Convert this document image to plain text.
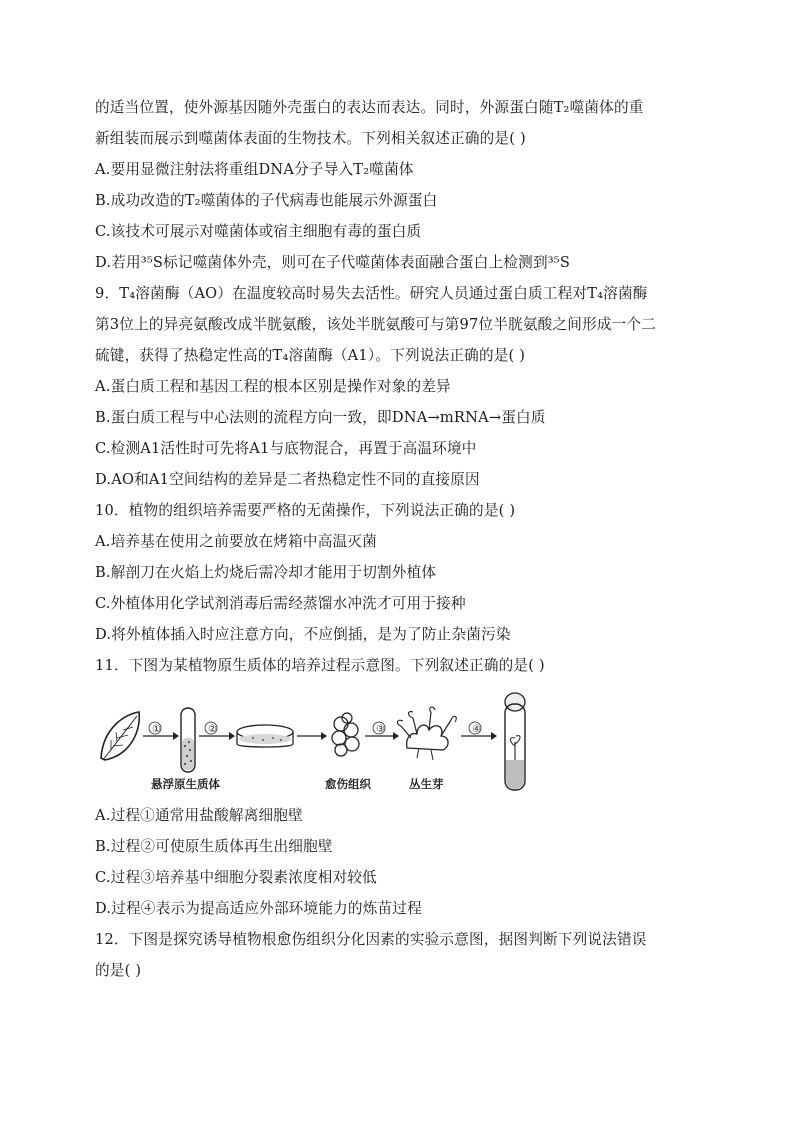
的适当位置，使外源基因随外壳蛋白的表达而表达。同时，外源蛋白随T₂噬菌体的重
新组装而展示到噬菌体表面的生物技术。下列相关叙述正确的是( )
A.要用显微注射法将重组DNA分子导入T₂噬菌体
B.成功改造的T₂噬菌体的子代病毒也能展示外源蛋白
C.该技术可展示对噬菌体或宿主细胞有毒的蛋白质
D.若用³⁵S标记噬菌体外壳，则可在子代噬菌体表面融合蛋白上检测到³⁵S
9．T₄溶菌酶（AO）在温度较高时易失去活性。研究人员通过蛋白质工程对T₄溶菌酶
第3位上的异亮氨酸改成半胱氨酸，该处半胱氨酸可与第97位半胱氨酸之间形成一个二
硫键，获得了热稳定性高的T₄溶菌酶（A1）。下列说法正确的是( )
A.蛋白质工程和基因工程的根本区别是操作对象的差异
B.蛋白质工程与中心法则的流程方向一致，即DNA→mRNA→蛋白质
C.检测A1活性时可先将A1与底物混合，再置于高温环境中
D.AO和A1空间结构的差异是二者热稳定性不同的直接原因
10．植物的组织培养需要严格的无菌操作，下列说法正确的是( )
A.培养基在使用之前要放在烤箱中高温灭菌
B.解剖刀在火焰上灼烧后需冷却才能用于切割外植体
C.外植体用化学试剂消毒后需经蒸馏水冲洗才可用于接种
D.将外植体插入时应注意方向，不应倒插，是为了防止杂菌污染
11．下图为某植物原生质体的培养过程示意图。下列叙述正确的是( )
①	②	③	④
悬浮原生质体	愈伤组织	丛生芽
A.过程①通常用盐酸解离细胞壁
B.过程②可使原生质体再生出细胞壁
C.过程③培养基中细胞分裂素浓度相对较低
D.过程④表示为提高适应外部环境能力的炼苗过程
12．下图是探究诱导植物根愈伤组织分化因素的实验示意图，据图判断下列说法错误
的是( )
